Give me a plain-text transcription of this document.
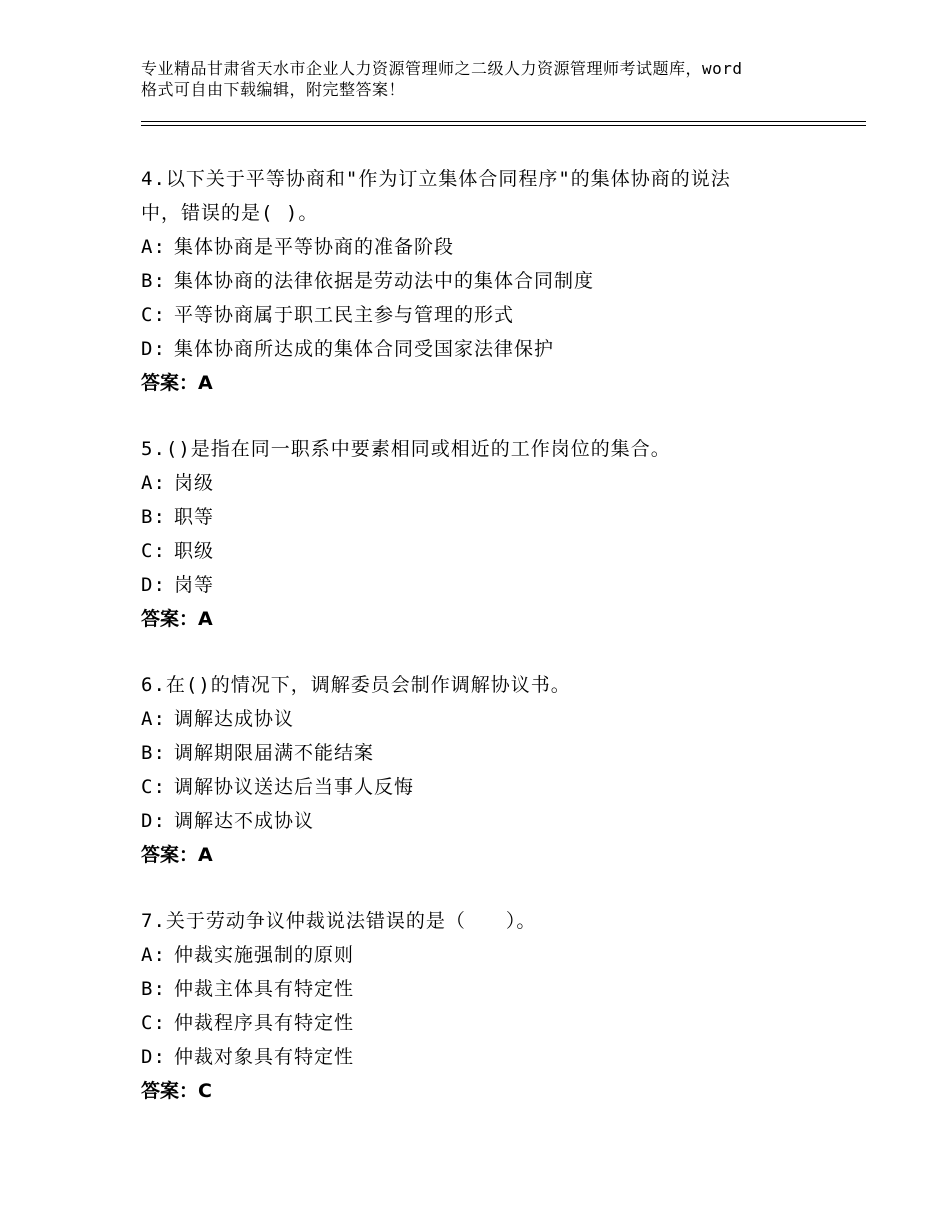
专业精品甘肃省天水市企业人力资源管理师之二级人力资源管理师考试题库，word
格式可自由下载编辑，附完整答案！
4.以下关于平等协商和"作为订立集体合同程序"的集体协商的说法
中，错误的是( )。
A: 集体协商是平等协商的准备阶段
B: 集体协商的法律依据是劳动法中的集体合同制度
C: 平等协商属于职工民主参与管理的形式
D: 集体协商所达成的集体合同受国家法律保护
答案：A
5.()是指在同一职系中要素相同或相近的工作岗位的集合。
A: 岗级
B: 职等
C: 职级
D: 岗等
答案：A
6.在()的情况下，调解委员会制作调解协议书。
A: 调解达成协议
B: 调解期限届满不能结案
C: 调解协议送达后当事人反悔
D: 调解达不成协议
答案：A
7.关于劳动争议仲裁说法错误的是（　　）。
A: 仲裁实施强制的原则
B: 仲裁主体具有特定性
C: 仲裁程序具有特定性
D: 仲裁对象具有特定性
答案：C
